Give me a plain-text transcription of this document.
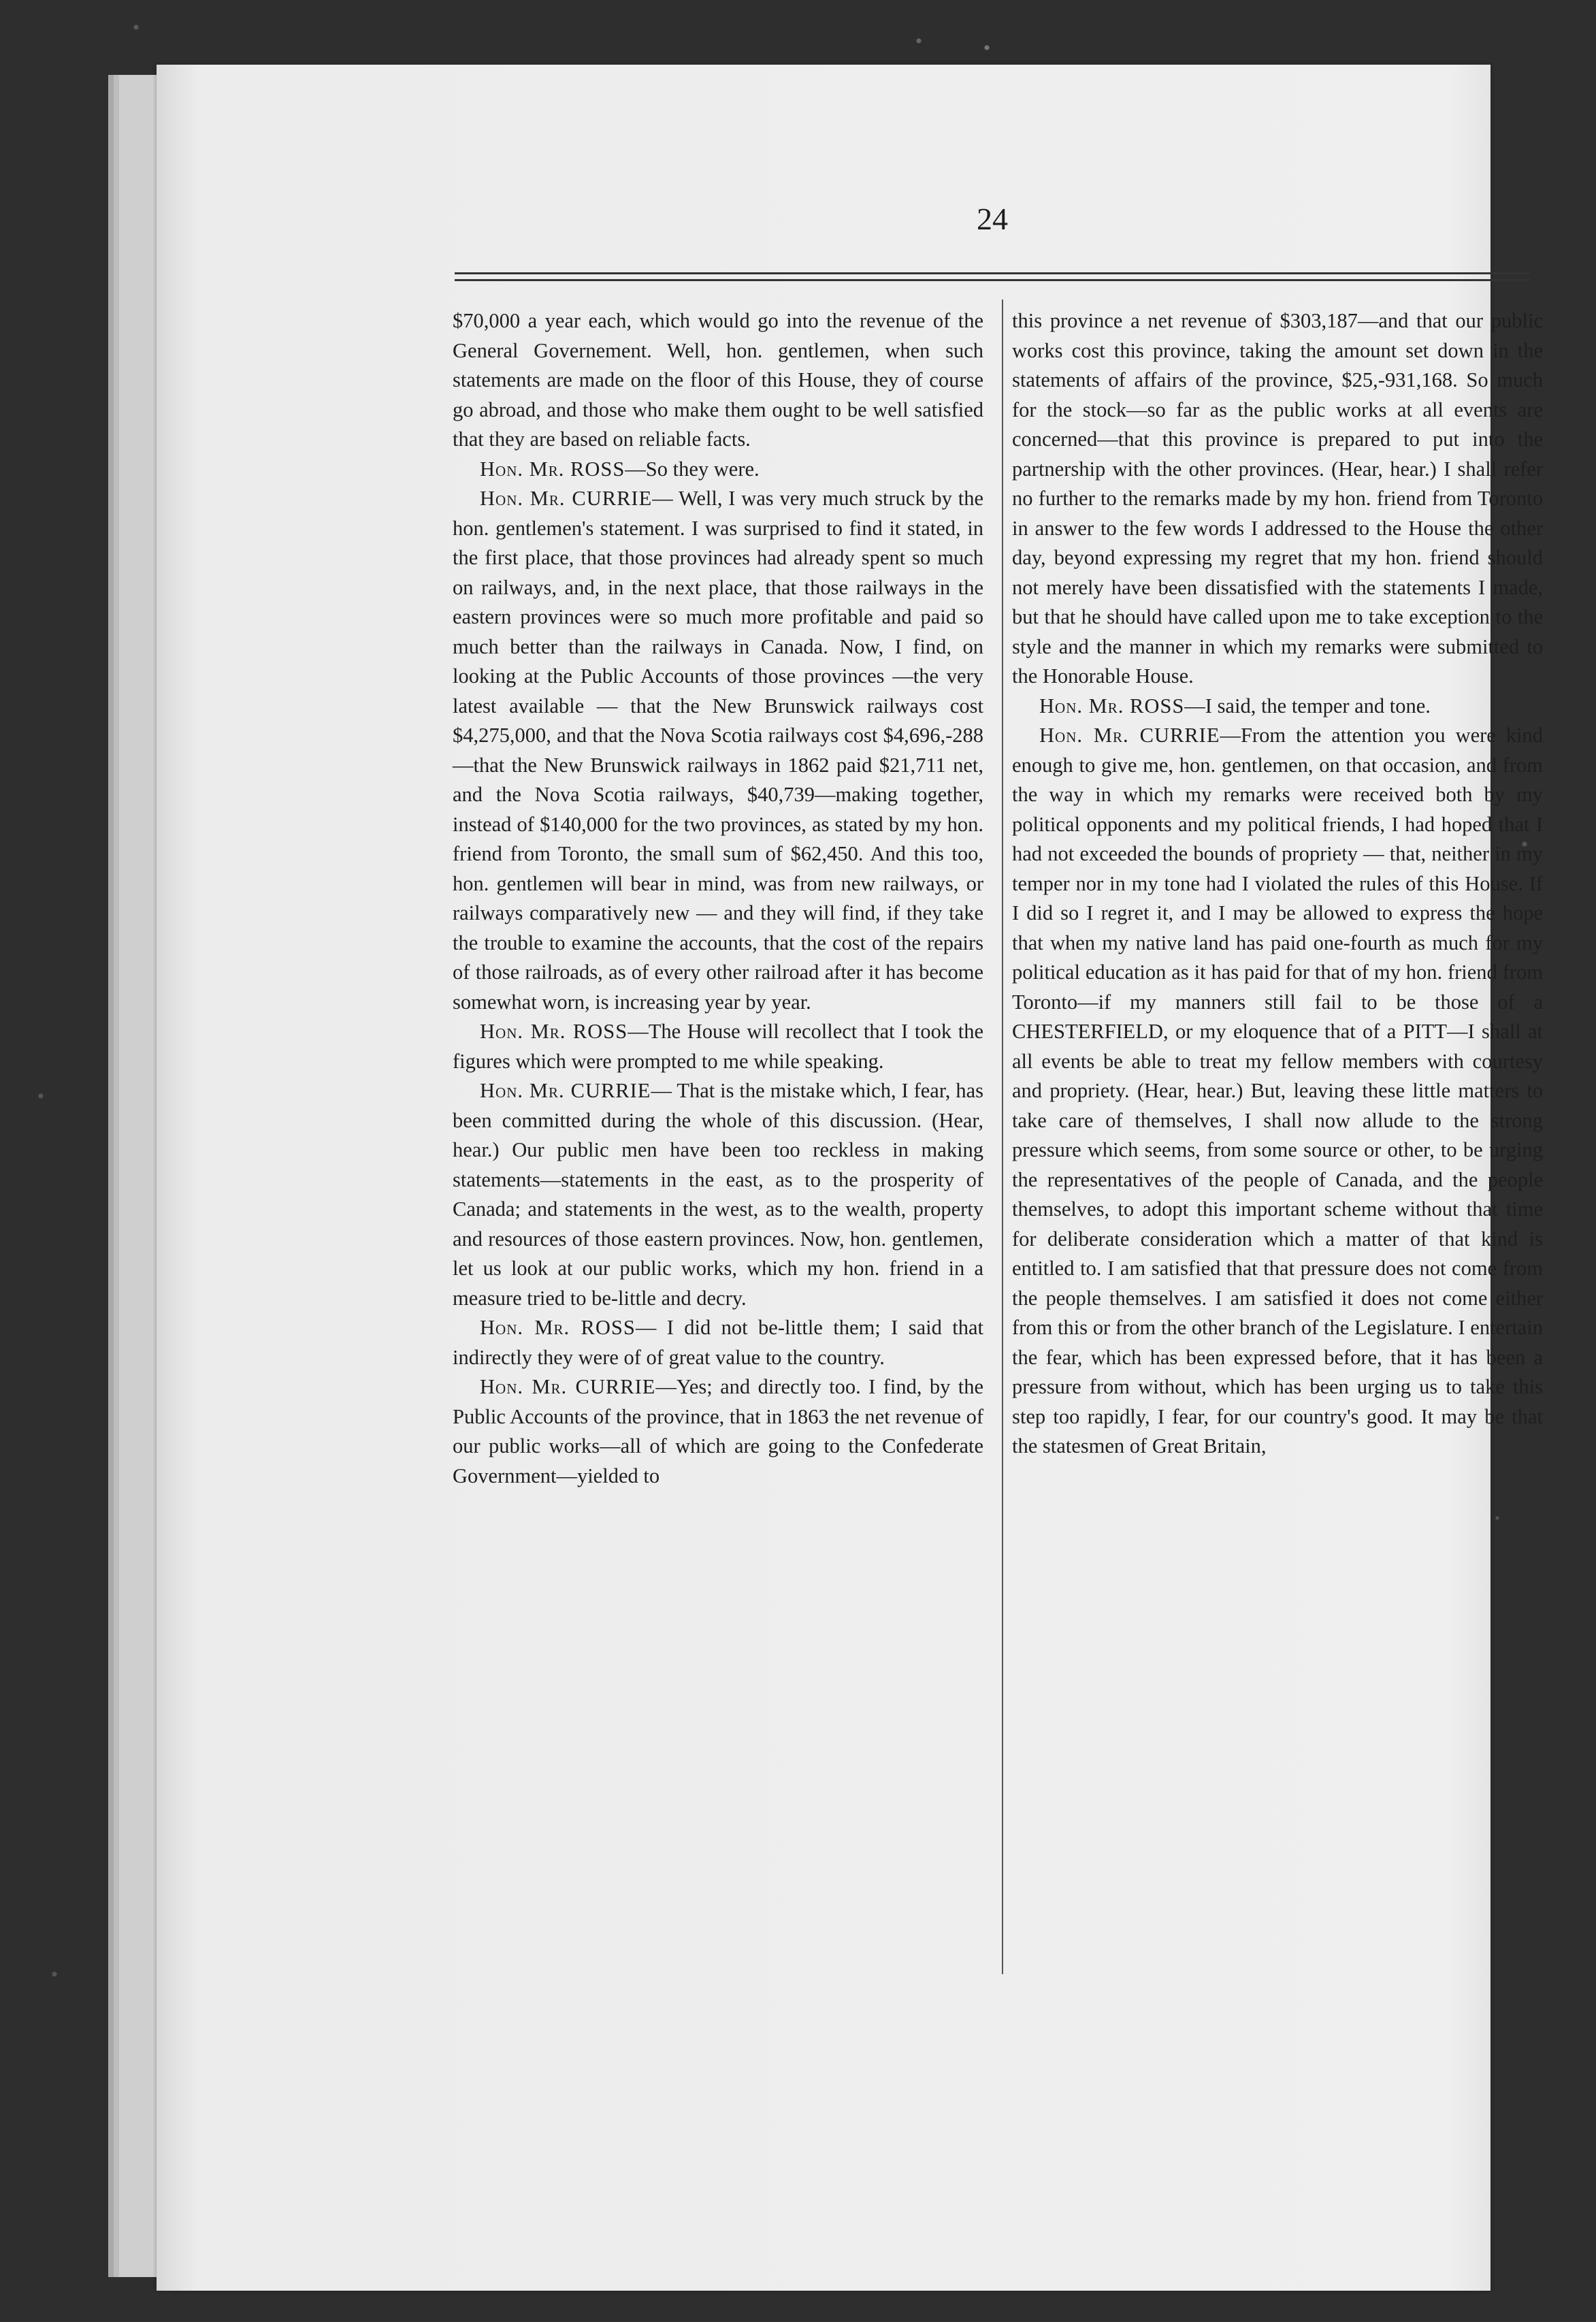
24

$70,000 a year each, which would go into the revenue of the General Governement. Well, hon. gentlemen, when such statements are made on the floor of this House, they of course go abroad, and those who make them ought to be well satisfied that they are based on reliable facts.

Hon. Mr. ROSS—So they were.

Hon. Mr. CURRIE— Well, I was very much struck by the hon. gentlemen's statement. I was surprised to find it stated, in the first place, that those provinces had already spent so much on railways, and, in the next place, that those railways in the eastern provinces were so much more profitable and paid so much better than the railways in Canada. Now, I find, on looking at the Public Accounts of those provinces —the very latest available — that the New Brunswick railways cost $4,275,000, and that the Nova Scotia railways cost $4,696,-288—that the New Brunswick railways in 1862 paid $21,711 net, and the Nova Scotia railways, $40,739—making together, instead of $140,000 for the two provinces, as stated by my hon. friend from Toronto, the small sum of $62,450. And this too, hon. gentlemen will bear in mind, was from new railways, or railways comparatively new — and they will find, if they take the trouble to examine the accounts, that the cost of the repairs of those railroads, as of every other railroad after it has become somewhat worn, is increasing year by year.

Hon. Mr. ROSS—The House will recollect that I took the figures which were prompted to me while speaking.

Hon. Mr. CURRIE— That is the mistake which, I fear, has been committed during the whole of this discussion. (Hear, hear.) Our public men have been too reckless in making statements—statements in the east, as to the prosperity of Canada; and statements in the west, as to the wealth, property and resources of those eastern provinces. Now, hon. gentlemen, let us look at our public works, which my hon. friend in a measure tried to be-little and decry.

Hon. Mr. ROSS— I did not be-little them; I said that indirectly they were of of great value to the country.

Hon. Mr. CURRIE—Yes; and directly too. I find, by the Public Accounts of the province, that in 1863 the net revenue of our public works—all of which are going to the Confederate Government—yielded to

this province a net revenue of $303,187—and that our public works cost this province, taking the amount set down in the statements of affairs of the province, $25,-931,168. So much for the stock—so far as the public works at all events are concerned—that this province is prepared to put into the partnership with the other provinces. (Hear, hear.) I shall refer no further to the remarks made by my hon. friend from Toronto in answer to the few words I addressed to the House the other day, beyond expressing my regret that my hon. friend should not merely have been dissatisfied with the statements I made, but that he should have called upon me to take exception to the style and the manner in which my remarks were submitted to the Honorable House.

Hon. Mr. ROSS—I said, the temper and tone.

Hon. Mr. CURRIE—From the attention you were kind enough to give me, hon. gentlemen, on that occasion, and from the way in which my remarks were received both by my political opponents and my political friends, I had hoped that I had not exceeded the bounds of propriety — that, neither in my temper nor in my tone had I violated the rules of this House. If I did so I regret it, and I may be allowed to express the hope that when my native land has paid one-fourth as much for my political education as it has paid for that of my hon. friend from Toronto—if my manners still fail to be those of a CHESTERFIELD, or my eloquence that of a PITT—I shall at all events be able to treat my fellow members with courtesy and propriety. (Hear, hear.) But, leaving these little matters to take care of themselves, I shall now allude to the strong pressure which seems, from some source or other, to be urging the representatives of the people of Canada, and the people themselves, to adopt this important scheme without that time for deliberate consideration which a matter of that kind is entitled to. I am satisfied that that pressure does not come from the people themselves. I am satisfied it does not come either from this or from the other branch of the Legislature. I entertain the fear, which has been expressed before, that it has been a pressure from without, which has been urging us to take this step too rapidly, I fear, for our country's good. It may be that the statesmen of Great Britain,
